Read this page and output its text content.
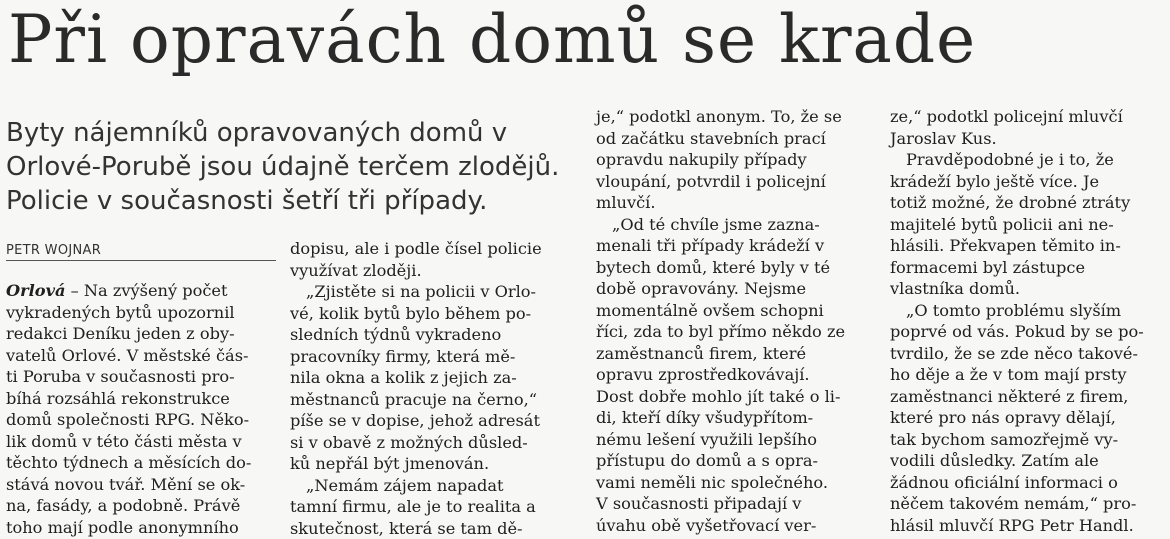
Při opravách domů se krade
Byty nájemníků opravovaných domů v
Orlové-Porubě jsou údajně terčem zlodějů.
Policie v současnosti šetří tři případy.
PETR WOJNAR
Orlová – Na zvýšený počet
vykradených bytů upozornil
redakci Deníku jeden z oby-
vatelů Orlové. V městské čás-
ti Poruba v současnosti pro-
bíhá rozsáhlá rekonstrukce
domů společnosti RPG. Něko-
lik domů v této části města v
těchto týdnech a měsících do-
stává novou tvář. Mění se ok-
na, fasády, a podobně. Právě
toho mají podle anonymního
dopisu, ale i podle čísel policie
využívat zloději.
„Zjistěte si na policii v Orlo-
vé, kolik bytů bylo během po-
sledních týdnů vykradeno
pracovníky firmy, která mě-
nila okna a kolik z jejich za-
městnanců pracuje na černo,“
píše se v dopise, jehož adresát
si v obavě z možných důsled-
ků nepřál být jmenován.
„Nemám zájem napadat
tamní firmu, ale je to realita a
skutečnost, která se tam dě-
je,“ podotkl anonym. To, že se
od začátku stavebních prací
opravdu nakupily případy
vloupání, potvrdil i policejní
mluvčí.
„Od té chvíle jsme zazna-
menali tři případy krádeží v
bytech domů, které byly v té
době opravovány. Nejsme
momentálně ovšem schopni
říci, zda to byl přímo někdo ze
zaměstnanců firem, které
opravu zprostředkovávají.
Dost dobře mohlo jít také o li-
di, kteří díky všudypřítom-
nému lešení využili lepšího
přístupu do domů a s opra-
vami neměli nic společného.
V současnosti připadají v
úvahu obě vyšetřovací ver-
ze,“ podotkl policejní mluvčí
Jaroslav Kus.
Pravděpodobné je i to, že
krádeží bylo ještě více. Je
totiž možné, že drobné ztráty
majitelé bytů policii ani ne-
hlásili. Překvapen těmito in-
formacemi byl zástupce
vlastníka domů.
„O tomto problému slyším
poprvé od vás. Pokud by se po-
tvrdilo, že se zde něco takové-
ho děje a že v tom mají prsty
zaměstnanci některé z firem,
které pro nás opravy dělají,
tak bychom samozřejmě vy-
vodili důsledky. Zatím ale
žádnou oficiální informaci o
něčem takovém nemám,“ pro-
hlásil mluvčí RPG Petr Handl.
